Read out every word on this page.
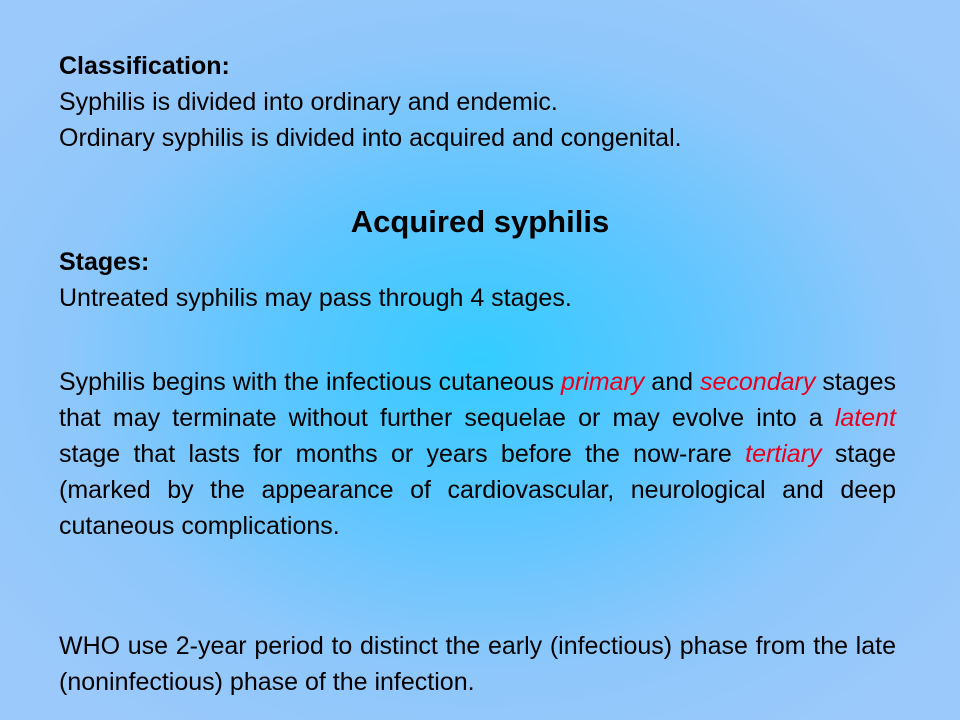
Classification:

Syphilis is divided into ordinary and endemic.

Ordinary syphilis is divided into acquired and congenital.

Acquired syphilis

Stages:

Untreated syphilis may pass through 4 stages.

Syphilis begins with the infectious cutaneous primary and secondary stages that may terminate without further sequelae or may evolve into a latent stage that lasts for months or years before the now-rare tertiary stage (marked by the appearance of cardiovascular, neurological and deep cutaneous complications.
WHO use 2-year period to distinct the early (infectious) phase from the late (noninfectious) phase of the infection.
